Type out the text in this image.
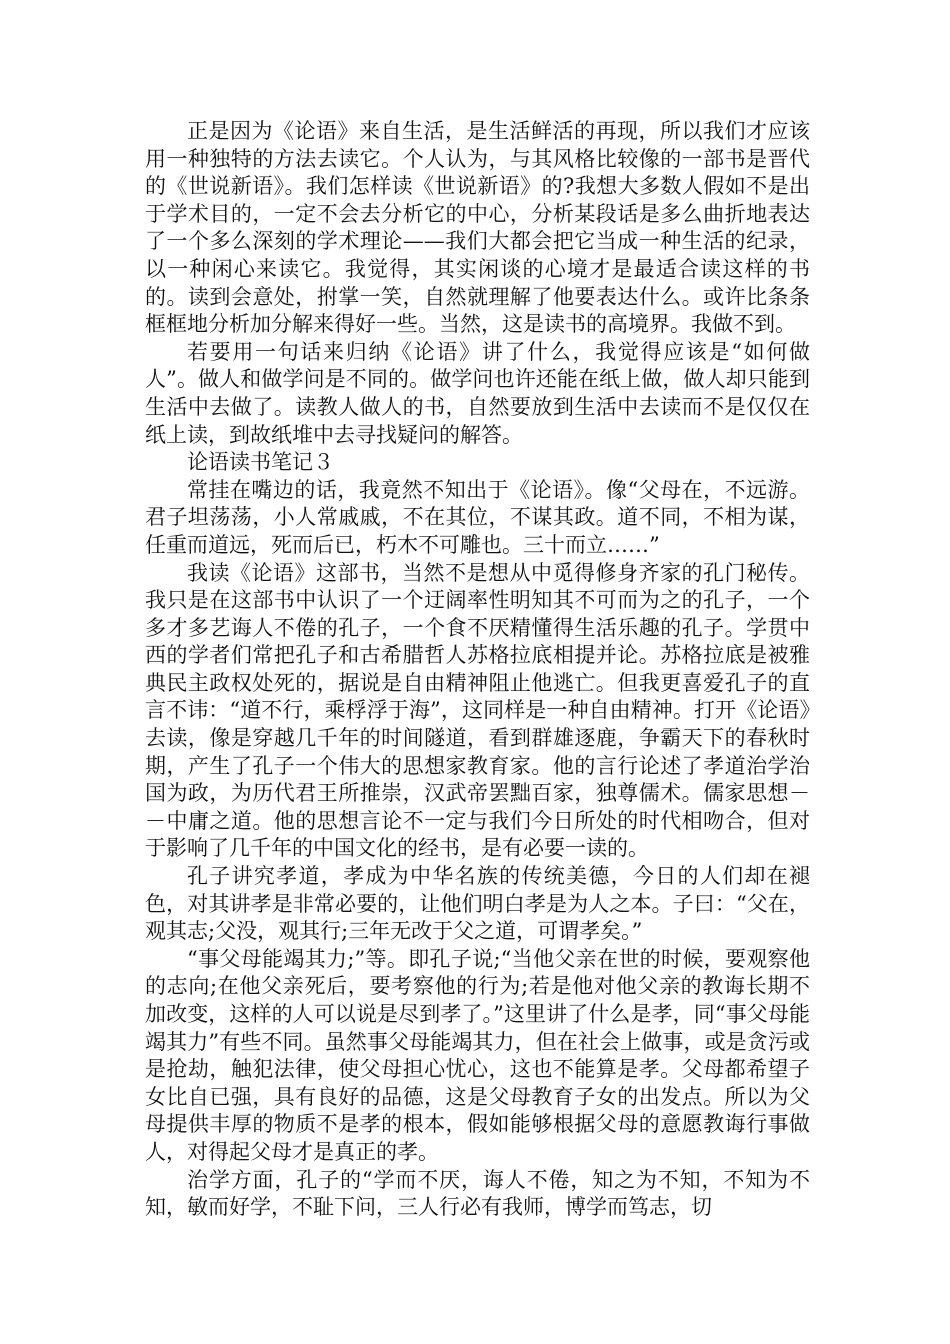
正是因为《论语》来自生活，是生活鲜活的再现，所以我们才应该用一种独特的方法去读它。个人认为，与其风格比较像的一部书是晋代的《世说新语》。我们怎样读《世说新语》的?我想大多数人假如不是出于学术目的，一定不会去分析它的中心，分析某段话是多么曲折地表达了一个多么深刻的学术理论——我们大都会把它当成一种生活的纪录，以一种闲心来读它。我觉得，其实闲谈的心境才是最适合读这样的书的。读到会意处，拊掌一笑，自然就理解了他要表达什么。或许比条条框框地分析加分解来得好一些。当然，这是读书的高境界。我做不到。

若要用一句话来归纳《论语》讲了什么，我觉得应该是“如何做人”。做人和做学问是不同的。做学问也许还能在纸上做，做人却只能到生活中去做了。读教人做人的书，自然要放到生活中去读而不是仅仅在纸上读，到故纸堆中去寻找疑问的解答。

论语读书笔记３

常挂在嘴边的话，我竟然不知出于《论语》。像“父母在，不远游。君子坦荡荡，小人常戚戚，不在其位，不谋其政。道不同，不相为谋，任重而道远，死而后已，朽木不可雕也。三十而立……”

我读《论语》这部书，当然不是想从中觅得修身齐家的孔门秘传。我只是在这部书中认识了一个迂阔率性明知其不可而为之的孔子，一个多才多艺诲人不倦的孔子，一个食不厌精懂得生活乐趣的孔子。学贯中西的学者们常把孔子和古希腊哲人苏格拉底相提并论。苏格拉底是被雅典民主政权处死的，据说是自由精神阻止他逃亡。但我更喜爱孔子的直言不讳：“道不行，乘桴浮于海”，这同样是一种自由精神。打开《论语》去读，像是穿越几千年的时间隧道，看到群雄逐鹿，争霸天下的春秋时期，产生了孔子一个伟大的思想家教育家。他的言行论述了孝道治学治国为政，为历代君王所推崇，汉武帝罢黜百家，独尊儒术。儒家思想－－中庸之道。他的思想言论不一定与我们今日所处的时代相吻合，但对于影响了几千年的中国文化的经书，是有必要一读的。

孔子讲究孝道，孝成为中华名族的传统美德，今日的人们却在褪色，对其讲孝是非常必要的，让他们明白孝是为人之本。子曰：“父在，观其志;父没，观其行;三年无改于父之道，可谓孝矣。”

“事父母能竭其力;”等。即孔子说;“当他父亲在世的时候，要观察他的志向;在他父亲死后，要考察他的行为;若是他对他父亲的教诲长期不加改变，这样的人可以说是尽到孝了。”这里讲了什么是孝，同“事父母能竭其力”有些不同。虽然事父母能竭其力，但在社会上做事，或是贪污或是抢劫，触犯法律，使父母担心忧心，这也不能算是孝。父母都希望子女比自已强，具有良好的品德，这是父母教育子女的出发点。所以为父母提供丰厚的物质不是孝的根本，假如能够根据父母的意愿教诲行事做人，对得起父母才是真正的孝。

治学方面，孔子的“学而不厌，诲人不倦，知之为不知，不知为不知，敏而好学，不耻下问，三人行必有我师，博学而笃志，切
